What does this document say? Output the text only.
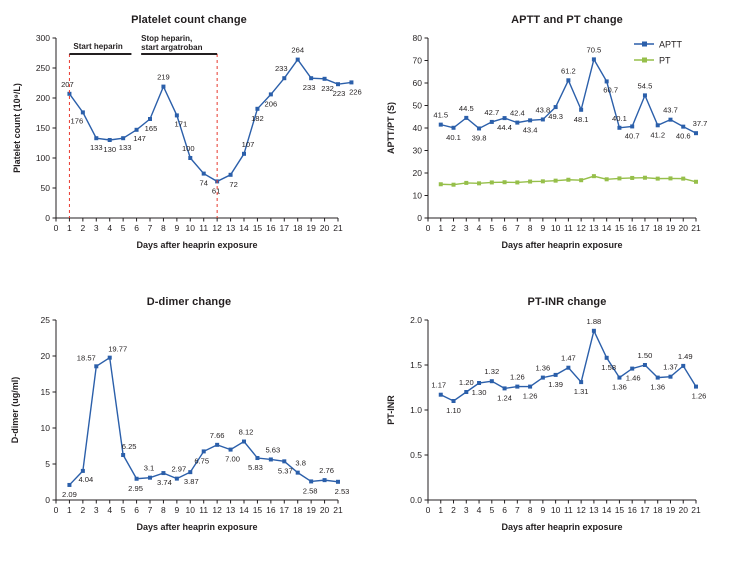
Platelet count change
0 1 2 3 4 5 6 7 8 9 10 11 12 13 14 15 16 17 18 19 20 21
0
50
100
150
200
250
300
Days after heaprin exposure
Platelet count (10⁹/L)	207
176
133 130 133
147
165
219
171
100
74
61
72
107
182
206
233
264
233 232
223 226
Start heparin
Stop heparin,
start argatroban
APTT and PT change
0 1 2 3 4 5 6 7 8 9 10 11 12 13 14 15 16 17 18 19 20 21
0
10
20
30
40
50
60
70
80
Days after heaprin exposure
APTT/PT (S)	41.5
40.1
44.5
39.8
42.7
44.4
42.4
43.4
43.8
49.3
61.2
48.1
70.5
60.7
40.1
40.7
54.5
41.2
43.7
40.6
37.7
APTT
PT
D-dimer change
0 1 2 3 4 5 6 7 8 9 10 11 12 13 14 15 16 17 18 19 20 21
0
5
10
15
20
25
Days after heaprin exposure
D-dimer (ug/ml)
2.09
4.04
18.57
19.77
6.25
2.95
3.1
3.74
2.97
3.87
6.75
7.66
7.00
8.12
5.83
5.63
5.37
3.8
2.58
2.76
2.53
PT-INR change
0 1 2 3 4 5 6 7 8 9 10 11 12 13 14 15 16 17 18 19 20 21
0.0
0.5
1.0
1.5
2.0
Days after heaprin exposure
PT-INR
1.17
1.10
1.20
1.30
1.32
1.24
1.26
1.26
1.36
1.39
1.47
1.31
1.88
1.58
1.36
1.46
1.50
1.36
1.37
1.49
1.26
